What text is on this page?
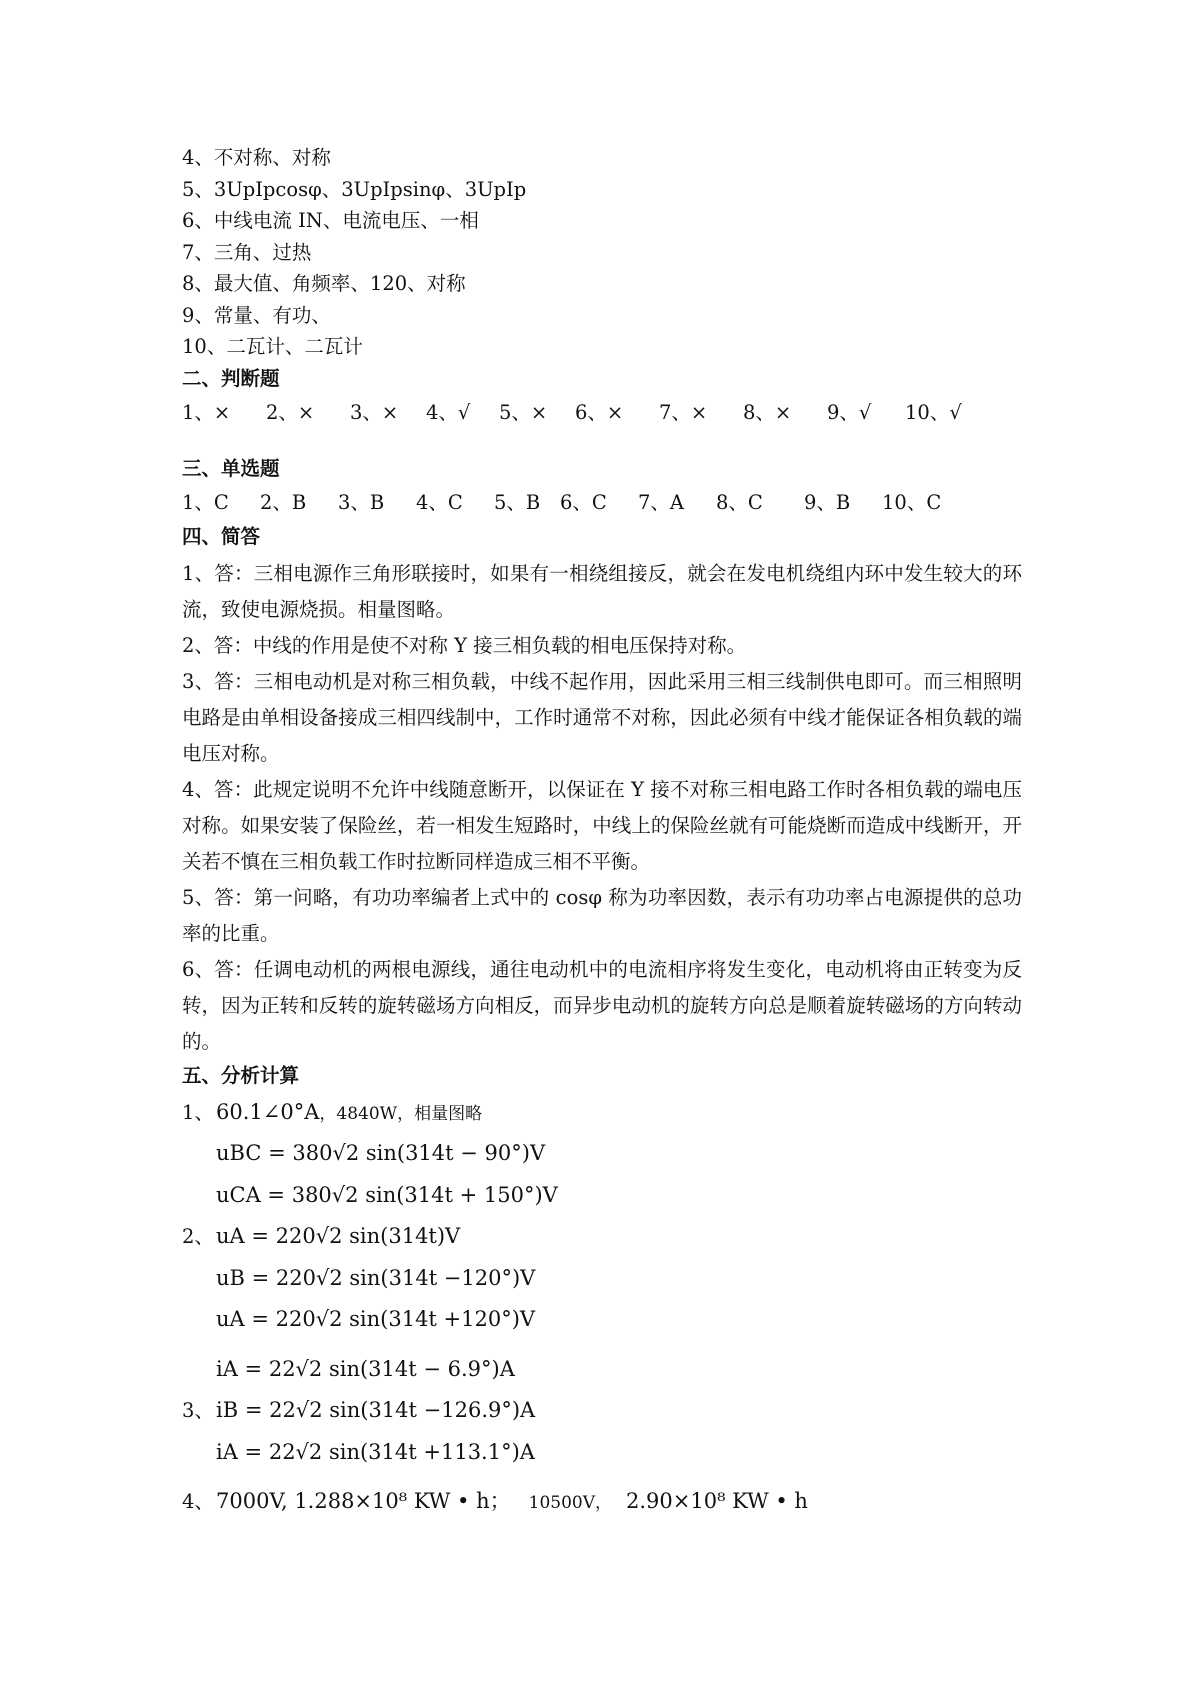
4、不对称、对称
5、3UpIpcosφ、3UpIpsinφ、3UpIp
6、中线电流 IN、电流电压、一相
7、三角、过热
8、最大值、角频率、120、对称
9、常量、有功、
10、二瓦计、二瓦计
二、判断题
1、×	2、×	3、×	4、√	5、×	6、×	7、×	8、×	9、√	10、√
三、单选题
1、C	2、B	3、B	4、C	5、B	6、C	7、A	8、C	9、B	10、C
四、简答

1、答：三相电源作三角形联接时，如果有一相绕组接反，就会在发电机绕组内环中发生较大的环流，致使电源烧损。相量图略。

2、答：中线的作用是使不对称 Y 接三相负载的相电压保持对称。

3、答：三相电动机是对称三相负载，中线不起作用，因此采用三相三线制供电即可。而三相照明电路是由单相设备接成三相四线制中，工作时通常不对称，因此必须有中线才能保证各相负载的端电压对称。

4、答：此规定说明不允许中线随意断开，以保证在 Y 接不对称三相电路工作时各相负载的端电压对称。如果安装了保险丝，若一相发生短路时，中线上的保险丝就有可能烧断而造成中线断开，开关若不慎在三相负载工作时拉断同样造成三相不平衡。

5、答：第一问略，有功功率编者上式中的 cosφ 称为功率因数，表示有功功率占电源提供的总功率的比重。

6、答：任调电动机的两根电源线，通往电动机中的电流相序将发生变化，电动机将由正转变为反转，因为正转和反转的旋转磁场方向相反，而异步电动机的旋转方向总是顺着旋转磁场的方向转动的。

五、分析计算
1、60.1∠0°A，4840W，相量图略
uBC = 380√2 sin(314t − 90°)V
uCA = 380√2 sin(314t + 150°)V
2、uA = 220√2 sin(314t)V
uB = 220√2 sin(314t −120°)V
uA = 220√2 sin(314t +120°)V
iA = 22√2 sin(314t − 6.9°)A
3、iB = 22√2 sin(314t −126.9°)A
iA = 22√2 sin(314t +113.1°)A
4、7000V, 1.288×10⁸ KW • h； 10500V， 2.90×10⁸ KW • h
